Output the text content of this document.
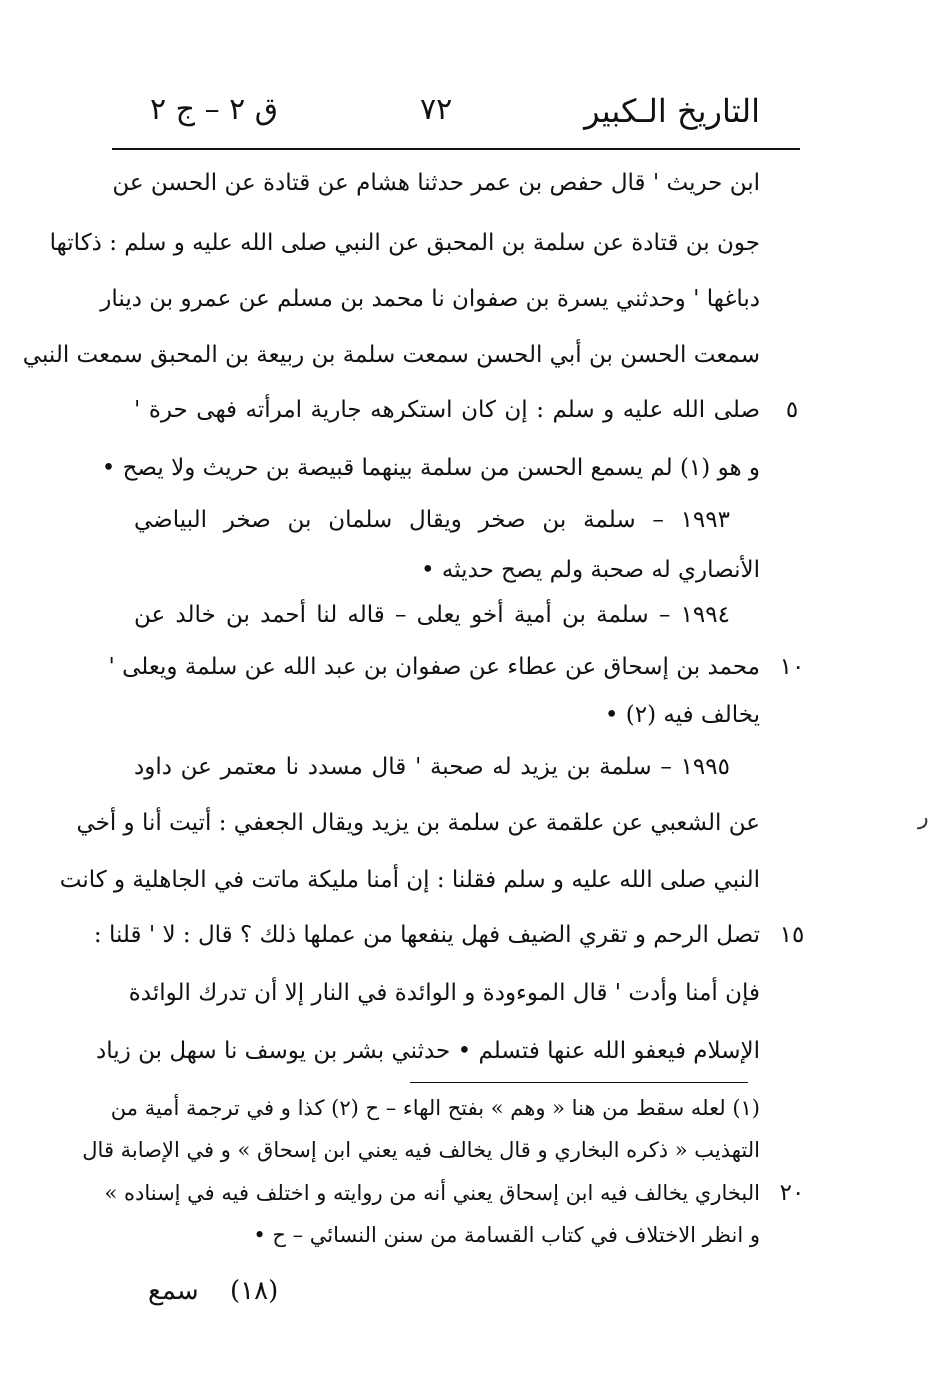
ق ٢ – ج ٢	٧٢	التاريخ الـكبير
ابن حريث ' قال حفص بن عمر حدثنا هشام عن قتادة عن الحسن عن
جون بن قتادة عن سلمة بن المحبق عن النبي صلى الله عليه و سلم : ذكاتها
دباغها ' وحدثني يسرة بن صفوان نا محمد بن مسلم عن عمرو بن دينار
سمعت الحسن بن أبي الحسن سمعت سلمة بن ربيعة بن المحبق سمعت النبي
صلى الله عليه و سلم : إن كان استكرهه جارية امرأته فهى حرة '
و هو (١) لم يسمع الحسن من سلمة بينهما قبيصة بن حريث ولا يصح •
١٩٩٣ – سلمة بن صخر ويقال سلمان بن صخر البياضي
الأنصاري له صحبة ولم يصح حديثه •
١٩٩٤ – سلمة بن أمية أخو يعلى – قاله لنا أحمد بن خالد عن
محمد بن إسحاق عن عطاء عن صفوان بن عبد الله عن سلمة ويعلى '
يخالف فيه (٢) •
١٩٩٥ – سلمة بن يزيد له صحبة ' قال مسدد نا معتمر عن داود
عن الشعبي عن علقمة عن سلمة بن يزيد ويقال الجعفي : أتيت أنا و أخي
النبي صلى الله عليه و سلم فقلنا : إن أمنا مليكة ماتت في الجاهلية و كانت
تصل الرحم و تقري الضيف فهل ينفعها من عملها ذلك ؟ قال : لا ' قلنا :
فإن أمنا وأدت ' قال الموءودة و الوائدة في النار إلا أن تدرك الوائدة
الإسلام فيعفو الله عنها فتسلم • حدثني بشر بن يوسف نا سهل بن زياد
٥
١٠
١٥
٢٠
(١) لعله سقط من هنا « وهم » بفتح الهاء – ح (٢) كذا و في ترجمة أمية من
التهذيب « ذكره البخاري و قال يخالف فيه يعني ابن إسحاق » و في الإصابة قال
البخاري يخالف فيه ابن إسحاق يعني أنه من روايته و اختلف فيه في إسناده »
و انظر الاختلاف في كتاب القسامة من سنن النسائي – ح •
ﺭ
سمع (١٨)
